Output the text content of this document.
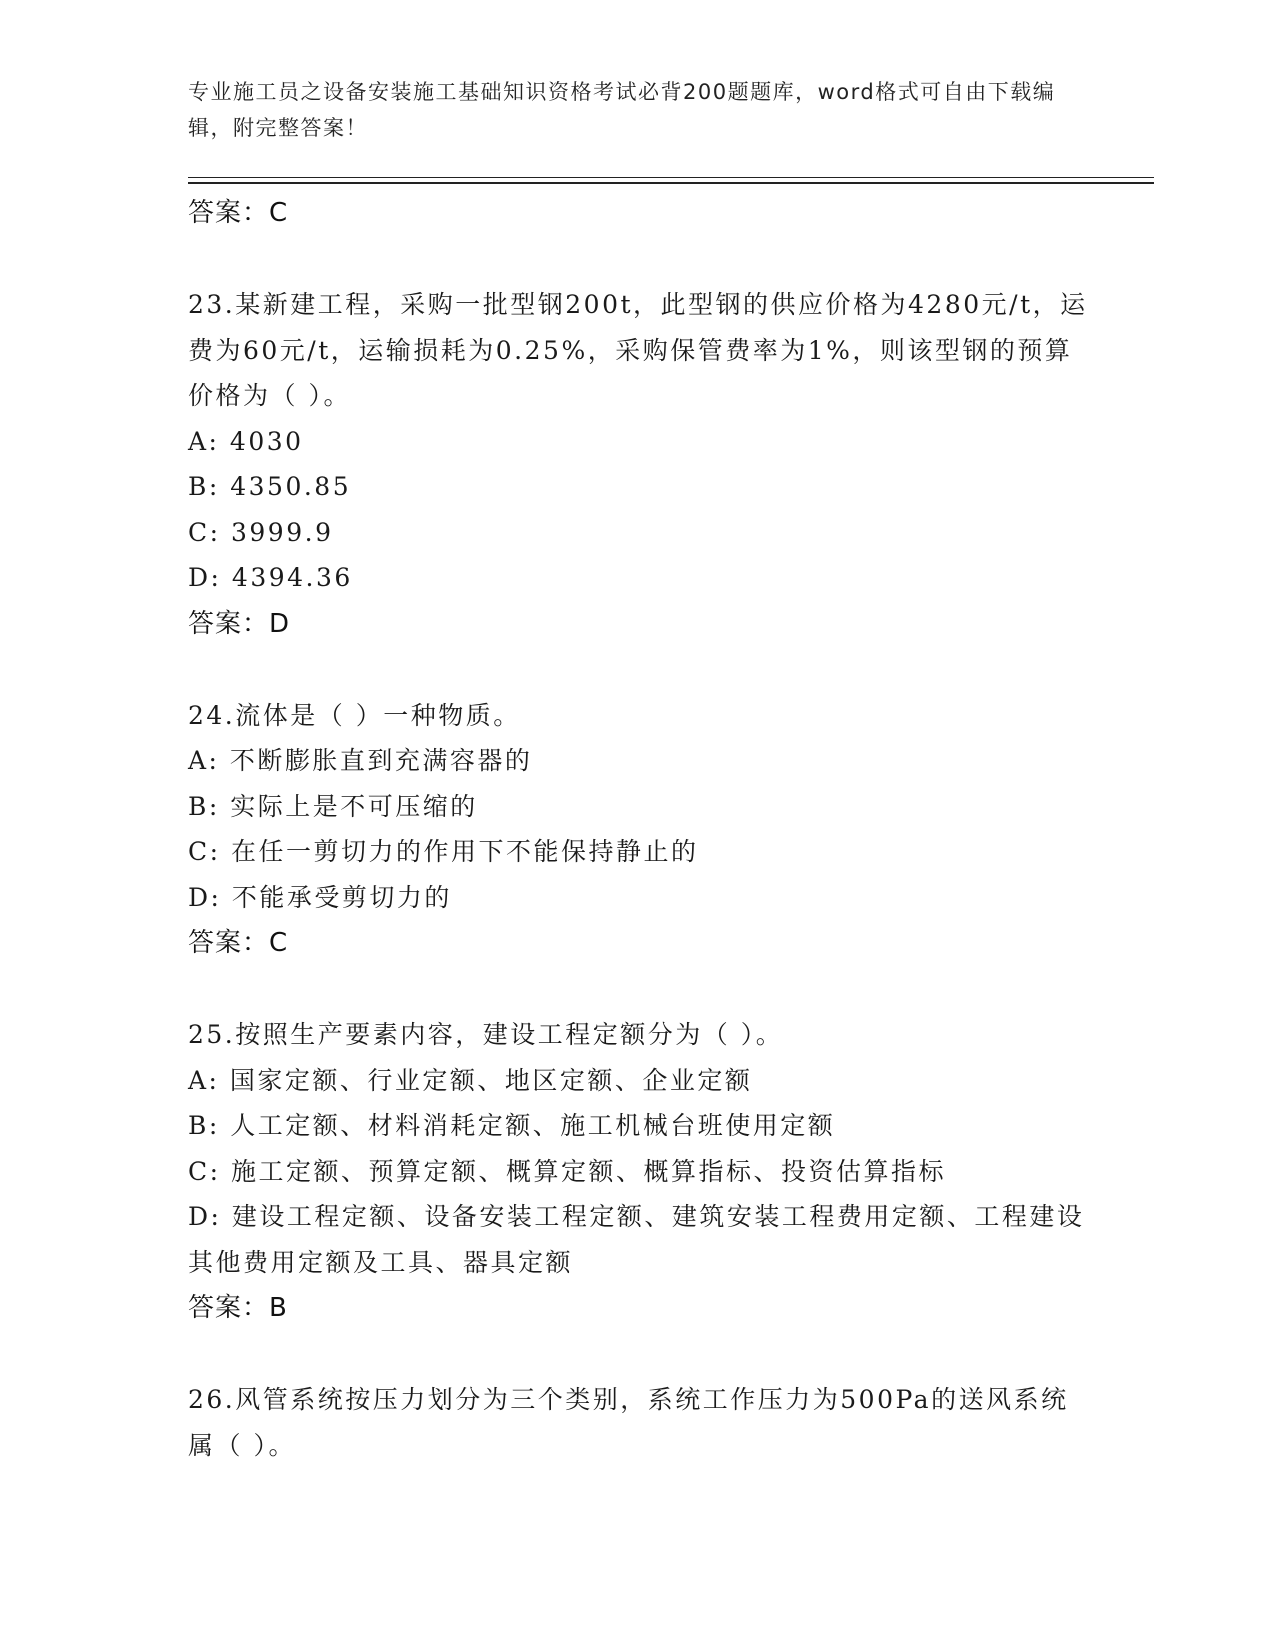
专业施工员之设备安装施工基础知识资格考试必背200题题库，word格式可自由下载编辑，附完整答案！
答案：C
23.某新建工程，采购一批型钢200t，此型钢的供应价格为4280元/t，运费为60元/t，运输损耗为0.25%，采购保管费率为1%，则该型钢的预算价格为（ ）。
A: 4030
B: 4350.85
C: 3999.9
D: 4394.36
答案：D
24.流体是（ ）一种物质。
A: 不断膨胀直到充满容器的
B: 实际上是不可压缩的
C: 在任一剪切力的作用下不能保持静止的
D: 不能承受剪切力的
答案：C
25.按照生产要素内容，建设工程定额分为（ ）。
A: 国家定额、行业定额、地区定额、企业定额
B: 人工定额、材料消耗定额、施工机械台班使用定额
C: 施工定额、预算定额、概算定额、概算指标、投资估算指标
D: 建设工程定额、设备安装工程定额、建筑安装工程费用定额、工程建设其他费用定额及工具、器具定额
答案：B
26.风管系统按压力划分为三个类别，系统工作压力为500Pa的送风系统属（ ）。
